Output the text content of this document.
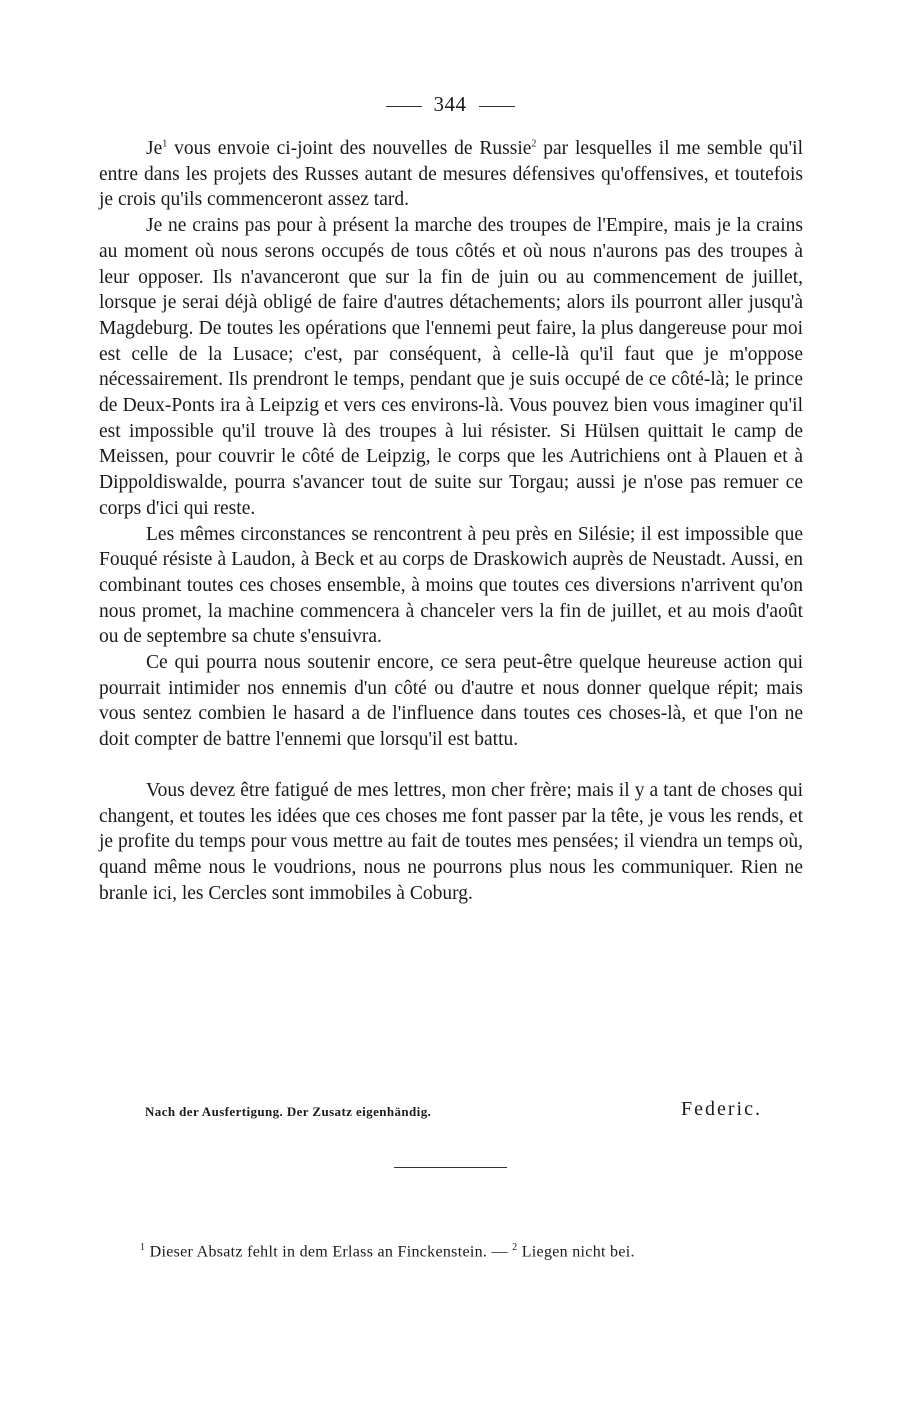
344

Je$^1$ vous envoie ci-joint des nouvelles de Russie$^2$ par lesquelles il me semble qu'il entre dans les projets des Russes autant de mesures défensives qu'offensives, et toutefois je crois qu'ils commenceront assez tard.

Je ne crains pas pour à présent la marche des troupes de l'Empire, mais je la crains au moment où nous serons occupés de tous côtés et où nous n'aurons pas des troupes à leur opposer. Ils n'avanceront que sur la fin de juin ou au commencement de juillet, lorsque je serai déjà obligé de faire d'autres détachements; alors ils pourront aller jusqu'à Magdeburg. De toutes les opérations que l'ennemi peut faire, la plus dangereuse pour moi est celle de la Lusace; c'est, par conséquent, à celle-là qu'il faut que je m'oppose nécessairement. Ils prendront le temps, pendant que je suis occupé de ce côté-là; le prince de Deux-Ponts ira à Leipzig et vers ces environs-là. Vous pouvez bien vous imaginer qu'il est impossible qu'il trouve là des troupes à lui résister. Si Hülsen quittait le camp de Meissen, pour couvrir le côté de Leipzig, le corps que les Autrichiens ont à Plauen et à Dippoldiswalde, pourra s'avancer tout de suite sur Torgau; aussi je n'ose pas remuer ce corps d'ici qui reste.

Les mêmes circonstances se rencontrent à peu près en Silésie; il est impossible que Fouqué résiste à Laudon, à Beck et au corps de Draskowich auprès de Neustadt. Aussi, en combinant toutes ces choses ensemble, à moins que toutes ces diversions n'arrivent qu'on nous promet, la machine commencera à chanceler vers la fin de juillet, et au mois d'août ou de septembre sa chute s'ensuivra.

Ce qui pourra nous soutenir encore, ce sera peut-être quelque heureuse action qui pourrait intimider nos ennemis d'un côté ou d'autre et nous donner quelque répit; mais vous sentez combien le hasard a de l'influence dans toutes ces choses-là, et que l'on ne doit compter de battre l'ennemi que lorsqu'il est battu.

Vous devez être fatigué de mes lettres, mon cher frère; mais il y a tant de choses qui changent, et toutes les idées que ces choses me font passer par la tête, je vous les rends, et je profite du temps pour vous mettre au fait de toutes mes pensées; il viendra un temps où, quand même nous le voudrions, nous ne pourrons plus nous les communiquer. Rien ne branle ici, les Cercles sont immobiles à Coburg.

Nach der Ausfertigung. Der Zusatz eigenhändig.	Federic.
$^1$ Dieser Absatz fehlt in dem Erlass an Finckenstein. — $^2$ Liegen nicht bei.
